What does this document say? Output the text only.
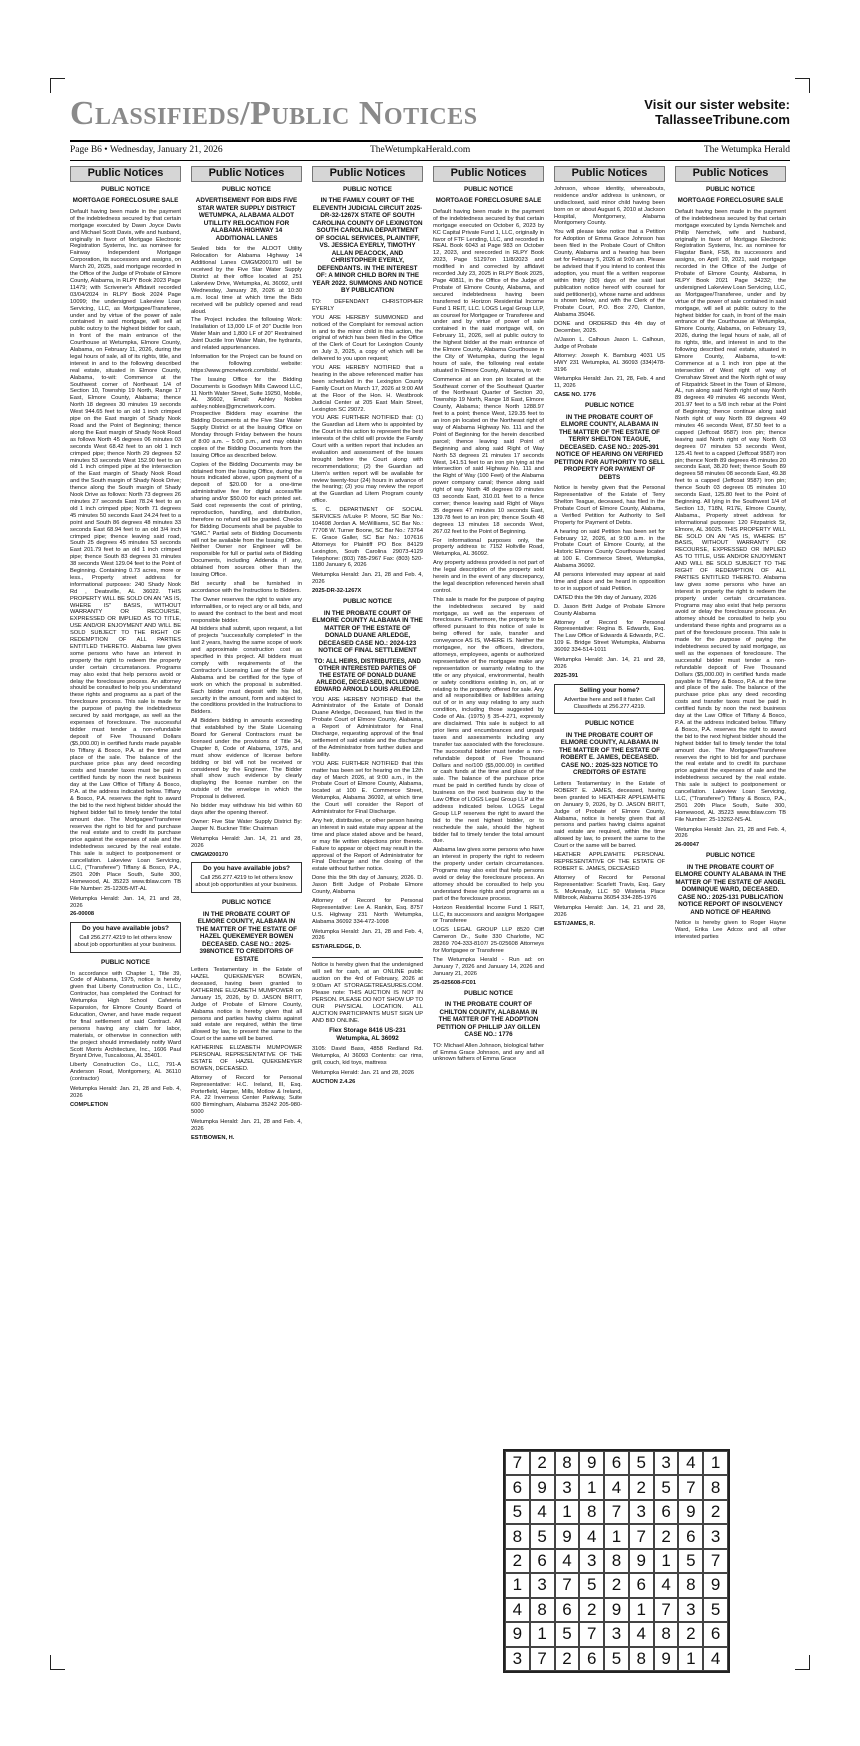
Classifieds/Public Notices	Visit our sister website:
TallasseeTribune.com
Page B6 • Wednesday, January 21, 2026	TheWetumpkaHerald.com	The Wetumpka Herald
Public Notices
PUBLIC NOTICE
MORTGAGE FORECLOSURE SALE
Default having been made in the payment of the indebtedness secured by that certain mortgage executed by Dawn Joyce Davis and Michael Scott Davis, wife and husband, originally in favor of Mortgage Electronic Registration Systems, Inc. as nominee for Fairway Independent Mortgage Corporation, its successors and assigns, on March 20, 2025, said mortgage recorded in the Office of the Judge of Probate of Elmore County, Alabama, in RLPY Book 2023 Page 11479; with Scrivener's Affidavit recorded 03/04/2024 in RLPY Book 2024 Page 10099; the undersigned Lakeview Loan Servicing, LLC, as Mortgagee/Transferee, under and by virtue of the power of sale contained in said mortgage, will sell at public outcry to the highest bidder for cash, in front of the main entrance of the Courthouse at Wetumpka, Elmore County, Alabama, on February 11, 2026, during the legal hours of sale, all of its rights, title, and interest in and to the following described real estate, situated in Elmore County, Alabama, to-wit: Commence at the Southwest corner of Northeast 1/4 of Section 10, Township 19 North, Range 17 East, Elmore County, Alabama; thence North 18 degrees 30 minutes 19 seconds West 944.65 feet to an old 1 inch crimped pipe on the East margin of Shady Nook Road and the Point of Beginning; thence along the East margin of Shady Nook Road as follows North 45 degrees 06 minutes 03 seconds West 68.42 feet to an old 1 inch crimped pipe; thence North 29 degrees 52 minutes 53 seconds West 152.90 feet to an old 1 inch crimped pipe at the intersection of the East margin of Shady Nook Road and the South margin of Shady Nook Drive; thence along the South margin of Shady Nook Drive as follows: North 73 degrees 26 minutes 27 seconds East 78.24 feet to an old 1 inch crimped pipe; North 71 degrees 45 minutes 50 seconds East 24.24 feet to a point and South 86 degrees 48 minutes 33 seconds East 68.94 feet to an old 3/4 inch crimped pipe; thence leaving said road, South 25 degrees 45 minutes 53 seconds East 201.79 feet to an old 1 inch crimped pipe; thence South 83 degrees 31 minutes 38 seconds West 129.04 feet to the Point of Beginning. Containing 0.73 acres, more or less., Property street address for informational purposes: 240 Shady Nook Rd , Deatsville, AL 36022. THIS PROPERTY WILL BE SOLD ON AN "AS IS, WHERE IS" BASIS, WITHOUT WARRANTY OR RECOURSE, EXPRESSED OR IMPLIED AS TO TITLE, USE AND/OR ENJOYMENT AND WILL BE SOLD SUBJECT TO THE RIGHT OF REDEMPTION OF ALL PARTIES ENTITLED THERETO. Alabama law gives some persons who have an interest in property the right to redeem the property under certain circumstances. Programs may also exist that help persons avoid or delay the foreclosure process. An attorney should be consulted to help you understand these rights and programs as a part of the foreclosure process. This sale is made for the purpose of paying the indebtedness secured by said mortgage, as well as the expenses of foreclosure. The successful bidder must tender a non-refundable deposit of Five Thousand Dollars ($5,000.00) in certified funds made payable to Tiffany & Bosco, P.A. at the time and place of the sale. The balance of the purchase price plus any deed recording costs and transfer taxes must be paid in certified funds by noon the next business day at the Law Office of Tiffany & Bosco, P.A. at the address indicated below. Tiffany & Bosco, P.A. reserves the right to award the bid to the next highest bidder should the highest bidder fail to timely tender the total amount due. The Mortgagee/Transferee reserves the right to bid for and purchase the real estate and to credit its purchase price against the expenses of sale and the indebtedness secured by the real estate. This sale is subject to postponement or cancellation. Lakeview Loan Servicing, LLC, ("Transferee") Tiffany & Bosco, P.A., 2501 20th Place South, Suite 300, Homewood, AL 35223 www.tblaw.com TB File Number: 25-12305-MT-AL
Wetumpka Herald: Jan. 14, 21 and 28, 2026
26-00008
Do you have available jobs?
Call 256.277.4219 to let others know about job opportunities at your business.
PUBLIC NOTICE
In accordance with Chapter 1, Title 39, Code of Alabama, 1975, notice is hereby given that Liberty Construction Co., LLC., Contractor, has completed the Contract for Wetumpka High School Cafeteria Expansion, for Elmore County Board of Education, Owner, and have made request for final settlement of said Contract. All persons having any claim for labor, materials, or otherwise in connection with the project should immediately notify Ward Scott Morris Architecture, Inc., 1606 Paul Bryant Drive, Tuscaloosa, AL 35401.
Liberty Construction Co., LLC, 791-A Anderson Road, Montgomery, AL 36110 (contractor)
Wetumpka Herald: Jan. 21, 28 and Feb. 4, 2026
COMPLETION
Public Notices
PUBLIC NOTICE
ADVERTISEMENT FOR BIDS FIVE STAR WATER SUPPLY DISTRICT WETUMPKA, ALABAMA ALDOT UTILLITY RELOCATION FOR ALABAMA HIGHWAY 14 ADDITIONAL LANES
Sealed bids for the ALDOT Utility Relocation for Alabama Highway 14 Additional Lanes CMGM200170 will be received by the Five Star Water Supply District at their office located at 251 Lakeview Drive, Wetumpka, AL 36092, until Wednesday, January 28, 2026 at 10:30 a.m. local time at which time the Bids received will be publicly opened and read aloud.
The Project includes the following Work: Installation of 13,000 LF of 20" Ductile Iron Water Main and 1,800 LF of 20" Restrained Joint Ductile Iron Water Main, fire hydrants, and related appurtenances.
Information for the Project can be found on the following website: https://www.gmcnetwork.com/bids/.
The Issuing Office for the Bidding Documents is Goodwyn Mills Cawood LLC, 11 North Water Street, Suite 19250, Mobile, AL 36602, Email: Ashley Nobles ashley.nobles@gmcnetwork.com. Prospective Bidders may examine the Bidding Documents at the Five Star Water Supply District or at the Issuing Office on Monday through Friday between the hours of 8:00 a.m. – 5:00 p.m., and may obtain copies of the Bidding Documents from the Issuing Office as described below.
Copies of the Bidding Documents may be obtained from the Issuing Office, during the hours indicated above, upon payment of a deposit of $20.00 for a one-time administrative fee for digital access/file sharing and/or $50.00 for each printed set. Said cost represents the cost of printing, reproduction, handling, and distribution, therefore no refund will be granted. Checks for Bidding Documents shall be payable to "GMC." Partial sets of Bidding Documents will not be available from the Issuing Office. Neither Owner nor Engineer will be responsible for full or partial sets of Bidding Documents, including Addenda if any, obtained from sources other than the Issuing Office.
Bid security shall be furnished in accordance with the Instructions to Bidders.
The Owner reserves the right to waive any informalities, or to reject any or all bids, and to award the contract to the best and most responsible bidder.
All bidders shall submit, upon request, a list of projects "successfully completed" in the last 2 years, having the same scope of work and approximate construction cost as specified in this project. All bidders must comply with requirements of the Contractor's Licensing Law of the State of Alabama and be certified for the type of work on which the proposal is submitted. Each bidder must deposit with his bid, security in the amount, form and subject to the conditions provided in the Instructions to Bidders.
All Bidders bidding in amounts exceeding that established by the State Licensing Board for General Contractors must be licensed under the provisions of Title 34, Chapter 8, Code of Alabama, 1975, and must show evidence of license before bidding or bid will not be received or considered by the Engineer. The Bidder shall show such evidence by clearly displaying the license number on the outside of the envelope in which the Proposal is delivered.
No bidder may withdraw his bid within 60 days after the opening thereof.
Owner: Five Star Water Supply District By: Jasper N. Buckner Title: Chairman
Wetumpka Herald: Jan. 14, 21 and 28, 2026
CMGM200170
Do you have available jobs?
Call 256.277.4219 to let others know about job opportunities at your business.
PUBLIC NOTICE
IN THE PROBATE COURT OF ELMORE COUNTY, ALABAMA IN THE MATTER OF THE ESTATE OF HAZEL QUEKEMEYER BOWEN DECEASED. CASE NO.: 2025-398NOTICE TO CREDITORS OF ESTATE
Letters Testamentary in the Estate of HAZEL QUEKEMEYER BOWEN, deceased, having been granted to KATHERINE ELIZABETH MUMPOWER on January 15, 2026, by D. JASON BRITT, Judge of Probate of Elmore County, Alabama notice is hereby given that all persons and parties having claims against said estate are required, within the time allowed by law, to present the same to the Court or the same will be barred.
KATHERINE ELIZABETH MUMPOWER PERSONAL REPRESENTATIVE OF THE ESTATE OF HAZEL QUEKEMEYER BOWEN, DECEASED.
Attorney of Record for Personal Representative: H.C. Ireland, III, Esq. Porterfield, Harper, Mills, Motlow & Ireland, P.A. 22 Inverness Center Parkway, Suite 600 Birmingham, Alabama 35242 205-980-5000
Wetumpka Herald: Jan. 21, 28 and Feb. 4, 2026
EST/BOWEN, H.
Public Notices
PUBLIC NOTICE
IN THE FAMILY COURT OF THE ELEVENTH JUDICIAL CIRCUIT 2025-DR-32-1267X STATE OF SOUTH CAROLINA COUNTY OF LEXINGTON SOUTH CAROLINA DEPARTMENT OF SOCIAL SERVICES, PLAINTIFF, VS. JESSICA EYERLY, TIMOTHY ALLAN PEACOCK, AND CHRISTOPHER EYERLY, DEFENDANTS. IN THE INTEREST OF: A MINOR CHILD BORN IN THE YEAR 2022. SUMMONS AND NOTICE BY PUBLICATION
TO: DEFENDANT CHRISTOPHER EYERLY
YOU ARE HEREBY SUMMONED and noticed of the Complaint for removal action in and to the minor child in this action, the original of which has been filed in the Office of the Clerk of Court for Lexington County on July 3, 2025, a copy of which will be delivered to you upon request;
YOU ARE HEREBY NOTIFIED that a hearing in the above referenced matter has been scheduled in the Lexington County Family Court on March 17, 2026 at 9:00 AM at the Floor of the Hon. H. Westbrook Judicial Center at 205 East Main Street, Lexington SC 29072.
YOU ARE FURTHER NOTIFIED that: (1) the Guardian ad Litem who is appointed by the Court in this action to represent the best interests of the child will provide the Family Court with a written report that includes an evaluation and assessment of the issues brought before the Court along with recommendations; (2) the Guardian ad Litem's written report will be available for review twenty-four (24) hours in advance of the hearing; (3) you may review the report at the Guardian ad Litem Program county office.
S. C. DEPARTMENT OF SOCIAL SERVICES /s/Luke P. Moore, SC Bar No.: 104698 Jordan A. McWilliams, SC Bar No.: 77708 W. Turner Boone, SC Bar No.: 73764 E. Grace Galler, SC Bar No.: 107616 Attorneys for Plaintiff PO Box 84129 Lexington, South Carolina 29073-4129 Telephone: (803) 785-2967 Fax: (803) 520-1180 January 6, 2026
Wetumpka Herald: Jan. 21, 28 and Feb. 4, 2026
2025-DR-32-1267X
PUBLIC NOTICE
IN THE PROBATE COURT OF ELMORE COUNTY ALABAMA IN THE MATTER OF THE ESTATE OF DONALD DUANE ARLEDGE, DECEASED CASE NO.: 2024-123 NOTICE OF FINAL SETTLEMENT
TO: ALL HEIRS, DISTRIBUTEES, AND OTHER INTERESTED PARTIES OF THE ESTATE OF DONALD DUANE ARLEDGE, DECEASED, INCLUDING EDWARD ARNOLD LOUIS ARLEDGE.
YOU ARE HEREBY NOTIFIED that the Administrator of the Estate of Donald Duane Arledge, Deceased, has filed in the Probate Court of Elmore County, Alabama, a Report of Administrator for Final Discharge, requesting approval of the final settlement of said estate and the discharge of the Administrator from further duties and liability.
YOU ARE FURTHER NOTIFIED that this matter has been set for hearing on the 12th day of March 2026, at 9:00 a.m., in the Probate Court of Elmore County, Alabama, located at 100 E. Commerce Street, Wetumpka, Alabama 36092, at which time the Court will consider the Report of Administrator for Final Discharge.
Any heir, distributee, or other person having an interest in said estate may appear at the time and place stated above and be heard, or may file written objections prior thereto. Failure to appear or object may result in the approval of the Report of Administrator for Final Discharge and the closing of the estate without further notice.
Done this the 9th day of January, 2026. D. Jason Britt Judge of Probate Elmore County, Alabama
Attorney of Record for Personal Representative: Lee A. Rankin, Esq. 8757 U.S. Highway 231 North Wetumpka, Alabama 36092 334-472-1098
Wetumpka Herald: Jan. 21, 28 and Feb. 4, 2026
EST/ARLEDGE, D.
Notice is hereby given that the undersigned will sell for cash, at an ONLINE public auction on the 4rd of February, 2026 at 9:00am AT STORAGETREASURES.COM. Please note: THIS AUCTION IS NOT IN PERSON. PLEASE DO NOT SHOW UP TO OUR PHYSICAL LOCATION. ALL AUCTION PARTICIPANTS MUST SIGN UP AND BID ONLINE.
Flex Storage 8416 US-231 Wetumpka, AL 36092
3105: David Bass, 4858 Redland Rd. Wetumpka, Al 36093 Contents: car rims, grill, couch, kid toys, mattress
Wetumpka Herald: Jan. 21 and 28, 2026
AUCTION 2.4.26
Public Notices
PUBLIC NOTICE
MORTGAGE FORECLOSURE SALE
Default having been made in the payment of the indebtedness secured by that certain mortgage executed on October 6, 2023 by KC Capital Private Fund 1, LLC, originally in favor of FTF Lending, LLC, and recorded in REAL Book 6043 at Page 983 on October 12, 2023, and rerecorded in RLPY Book 2023, Page 51297on 11/8/2023 and modified in and corrected by affidavit recorded July 23, 2025 in RLPY Book 2025, Page 40811, in the Office of the Judge of Probate of Elmore County, Alabama, and secured indebtedness having been transferred to Horizon Residential Income Fund 1 REIT, LLC. LOGS Legal Group LLP, as counsel for Mortgagee or Transferee and under and by virtue of power of sale contained in the said mortgage will, on February 11, 2026, sell at public outcry to the highest bidder at the main entrance of the Elmore County, Alabama Courthouse in the City of Wetumpka, during the legal hours of sale, the following real estate situated in Elmore County, Alabama, to wit:
Commence at an iron pin located at the Southeast corner of the Southeast Quarter of the Northeast Quarter of Section 20, Township 19 North, Range 18 East, Elmore County, Alabama; thence North 1288.97 feet to a point; thence West, 129.35 feet to an iron pin located on the Northeast right of way of Alabama Highway No. 111 and the Point of Beginning for the herein described parcel; thence leaving said Point of Beginning and along said Right of Way North 53 degrees 21 minutes 17 seconds West, 141.51 feet to an iron pin lying at the intersection of said Highway No. 111 and the Right of Way (100 Feet) of the Alabama power company canal; thence along said right of way North 48 degrees 09 minutes 03 seconds East, 310.01 feet to a fence corner; thence leaving said Right of Ways 35 degrees 47 minutes 10 seconds East, 139.78 feet to an iron pin; thence South 48 degrees 13 minutes 18 seconds West, 267.02 feet to the Point of Beginning.
For informational purposes only, the property address is: 7152 Holtville Road, Wetumpka, AL 36092.
Any property address provided is not part of the legal description of the property sold herein and in the event of any discrepancy, the legal description referenced herein shall control.
This sale is made for the purpose of paying the indebtedness secured by said mortgage, as well as the expenses of foreclosure. Furthermore, the property to be offered pursuant to this notice of sale is being offered for sale, transfer and conveyance AS IS, WHERE IS. Neither the mortgagee, nor the officers, directors, attorneys, employees, agents or authorized representative of the mortgagee make any representation or warranty relating to the title or any physical, environmental, health or safety conditions existing in, on, at or relating to the property offered for sale. Any and all responsibilities or liabilities arising out of or in any way relating to any such condition, including those suggested by Code of Ala. (1975) § 35-4-271, expressly are disclaimed. This sale is subject to all prior liens and encumbrances and unpaid taxes and assessments including any transfer tax associated with the foreclosure. The successful bidder must tender a non-refundable deposit of Five Thousand Dollars and no/100 ($5,000.00) in certified or cash funds at the time and place of the sale. The balance of the purchase price must be paid in certified funds by close of business on the next business day to the Law Office of LOGS Legal Group LLP at the address indicated below. LOGS Legal Group LLP reserves the right to award the bid to the next highest bidder, or to reschedule the sale, should the highest bidder fail to timely tender the total amount due.
Alabama law gives some persons who have an interest in property the right to redeem the property under certain circumstances. Programs may also exist that help persons avoid or delay the foreclosure process. An attorney should be consulted to help you understand these rights and programs as a part of the foreclosure process.
Horizon Residential Income Fund 1 REIT, LLC, its successors and assigns Mortgagee or Transferee
LOGS LEGAL GROUP LLP 8520 Cliff Cameron Dr., Suite 330 Charlotte, NC 28269 704-333-8107/ 25-025608 Attorneys for Mortgagee or Transferee
The Wetumpka Herald - Run ad: on January 7, 2026 and January 14, 2026 and January 21, 2026
25-025608-FC01
PUBLIC NOTICE
IN THE PROBATE COURT OF CHILTON COUNTY, ALABAMA IN THE MATTER OF THE ADOPTION PETITION OF PHILLIP JAY GILLEN CASE NO.: 1776
TO: Michael Allen Johnson, biological father of Emma Grace Johnson, and any and all unknown fathers of Emma Grace
Public Notices
Johnson, whose identity, whereabouts, residence and/or address is unknown, or undisclosed, said minor child having been born on or about August 6, 2010 at Jackson Hospital, Montgomery, Alabama Montgomery County.
You will please take notice that a Petition for Adoption of Emma Grace Johnson has been filed in the Probate Court of Chilton County, Alabama and a hearing has been set for February 5, 2026 at 9:00 am. Please be advised that if you intend to contest this adoption, you must file a written response within thirty (30) days of the said last publication notice hereof with counsel for said petitioner(s), whose name and address is shown below, and with the Clerk of the Probate Court, P.O. Box 270, Clanton, Alabama 35046.
DONE and ORDERED this 4th day of December, 2025.
/s/Jason L. Calhoun Jason L. Calhoun, Judge of Probate
Attorney: Joseph K. Bamburg 4031 US HWY 231 Wetumpka, AL 36093 (334)478-3196
Wetumpka Herald: Jan. 21, 28, Feb. 4 and 11, 2026
CASE NO. 1776
PUBLIC NOTICE
IN THE PROBATE COURT OF ELMORE COUNTY, ALABAMA IN THE MATTER OF THE ESTATE OF TERRY SHELTON TEAGUE, DECEASED. CASE NO.: 2025-391 NOTICE OF HEARING ON VERIFIED PETITION FOR AUTHORITY TO SELL PROPERTY FOR PAYMENT OF DEBTS
Notice is hereby given that the Personal Representative of the Estate of Terry Shelton Teague, deceased, has filed in the Probate Court of Elmore County, Alabama, a Verified Petition for Authority to Sell Property for Payment of Debts.
A hearing on said Petition has been set for February 12, 2026, at 9:00 a.m. in the Probate Court of Elmore County, at the Historic Elmore County Courthouse located at 100 E. Commerce Street, Wetumpka, Alabama 36092.
All persons interested may appear at said time and place and be heard in opposition to or in support of said Petition.
DATED this the 9th day of January, 2026
D. Jason Britt Judge of Probate Elmore County Alabama
Attorney of Record for Personal Representative: Regina B. Edwards, Esq. The Law Office of Edwards & Edwards, P.C. 109 E. Bridge Street Wetumpka, Alabama 36092 334-514-1011
Wetumpka Herald: Jan. 14, 21 and 28, 2026
2025-391
Selling your home?
Advertise here and sell it faster. Call Classifieds at 256.277.4219.
PUBLIC NOTICE
IN THE PROBATE COURT OF ELMORE COUNTY, ALABAMA IN THE MATTER OF THE ESTATE OF ROBERT E. JAMES, DECEASED. CASE NO.: 2025-323 NOTICE TO CREDITORS OF ESTATE
Letters Testamentary in the Estate of ROBERT E. JAMES, deceased, having been granted to HEATHER APPLEWHITE on January 9, 2026, by D. JASON BRITT, Judge of Probate of Elmore County, Alabama, notice is hereby given that all persons and parties having claims against said estate are required, within the time allowed by law, to present the same to the Court or the same will be barred.
HEATHER APPLEWHITE PERSONAL REPRESENTATIVE OF THE ESTATE OF ROBERT E. JAMES, DECEASED
Attorney of Record for Personal Representative: Scarlett Travis, Esq. Gary S. McAnnally, LLC 50 Wisteria Place Millbrook, Alabama 36054 334-285-1976
Wetumpka Herald: Jan. 14, 21 and 28, 2026
EST/JAMES, R.
Public Notices
PUBLIC NOTICE
MORTGAGE FORECLOSURE SALE
Default having been made in the payment of the indebtedness secured by that certain mortgage executed by Lynda Nemchek and Philip Nemchek, wife and husband, originally in favor of Mortgage Electronic Registration Systems, Inc. as nominee for Flagstar Bank, FSB, its successors and assigns, on April 19, 2021, said mortgage recorded in the Office of the Judge of Probate of Elmore County, Alabama, in RLPY Book 2021 Page 34232; the undersigned Lakeview Loan Servicing, LLC, as Mortgagee/Transferee, under and by virtue of the power of sale contained in said mortgage, will sell at public outcry to the highest bidder for cash, in front of the main entrance of the Courthouse at Wetumpka, Elmore County, Alabama, on February 19, 2026, during the legal hours of sale, all of its rights, title, and interest in and to the following described real estate, situated in Elmore County, Alabama, to-wit: Commence at a 1 inch iron pipe at the intersection of West right of way of Crenshaw Street and the North right of way of Fitzpatrick Street in the Town of Elmore, AL, run along said North right of way North 89 degrees 49 minutes 46 seconds West, 201.97 feet to a 5/8 inch rebar at the Point of Beginning; thence continue along said North right of way North 89 degrees 49 minutes 46 seconds West, 87.50 feet to a capped (Jeffcoat 9587) iron pin; thence leaving said North right of way North 03 degrees 07 minutes 53 seconds West, 125.41 feet to a capped (Jeffcoat 9587) iron pin; thence North 89 degrees 45 minutes 20 seconds East, 38.20 feet; thence South 89 degrees 58 minutes 08 seconds East, 49.38 feet to a capped (Jeffcoat 9587) iron pin; thence South 03 degrees 05 minutes 10 seconds East, 125.80 feet to the Point of Beginning. All lying in the Southwest 1/4 of Section 13, T18N, R17E, Elmore County, Alabama., Property street address for informational purposes: 120 Fitzpatrick St, Elmore, AL 36025. THIS PROPERTY WILL BE SOLD ON AN "AS IS, WHERE IS" BASIS, WITHOUT WARRANTY OR RECOURSE, EXPRESSED OR IMPLIED AS TO TITLE, USE AND/OR ENJOYMENT AND WILL BE SOLD SUBJECT TO THE RIGHT OF REDEMPTION OF ALL PARTIES ENTITLED THERETO. Alabama law gives some persons who have an interest in property the right to redeem the property under certain circumstances. Programs may also exist that help persons avoid or delay the foreclosure process. An attorney should be consulted to help you understand these rights and programs as a part of the foreclosure process. This sale is made for the purpose of paying the indebtedness secured by said mortgage, as well as the expenses of foreclosure. The successful bidder must tender a non-refundable deposit of Five Thousand Dollars ($5,000.00) in certified funds made payable to Tiffany & Bosco, P.A. at the time and place of the sale. The balance of the purchase price plus any deed recording costs and transfer taxes must be paid in certified funds by noon the next business day at the Law Office of Tiffany & Bosco, P.A. at the address indicated below. Tiffany & Bosco, P.A. reserves the right to award the bid to the next highest bidder should the highest bidder fail to timely tender the total amount due. The Mortgagee/Transferee reserves the right to bid for and purchase the real estate and to credit its purchase price against the expenses of sale and the indebtedness secured by the real estate. This sale is subject to postponement or cancellation. Lakeview Loan Servicing, LLC, ("Transferee") Tiffany & Bosco, P.A., 2501 20th Place South, Suite 300, Homewood, AL 35223 www.tblaw.com TB File Number: 25-13262-NS-AL
Wetumpka Herald: Jan. 21, 28 and Feb. 4, 2026
26-00047
PUBLIC NOTICE
IN THE PROBATE COURT OF ELMORE COUNTY ALABAMA IN THE MATTER OF THE ESTATE OF ANGEL DOMINIQUE WARD, DECEASED. CASE NO.: 2025-131 PUBLICATION NOTICE REPORT OF INSOLVENCY AND NOTICE OF HEARING
Notice is hereby given to Roger Hayne Ward, Erika Lee Adcox and all other interested parties
7 2 8 9 6 5 3 4 1
6 9 3 1 4 2 5 7 8
5 4 1 8 7 3 6 9 2
8 5 9 4 1 7 2 6 3
2 6 4 3 8 9 1 5 7
1 3 7 5 2 6 4 8 9
4 8 6 2 9 1 7 3 5
9 1 5 7 3 4 8 2 6
3 7 2 6 5 8 9 1 4
